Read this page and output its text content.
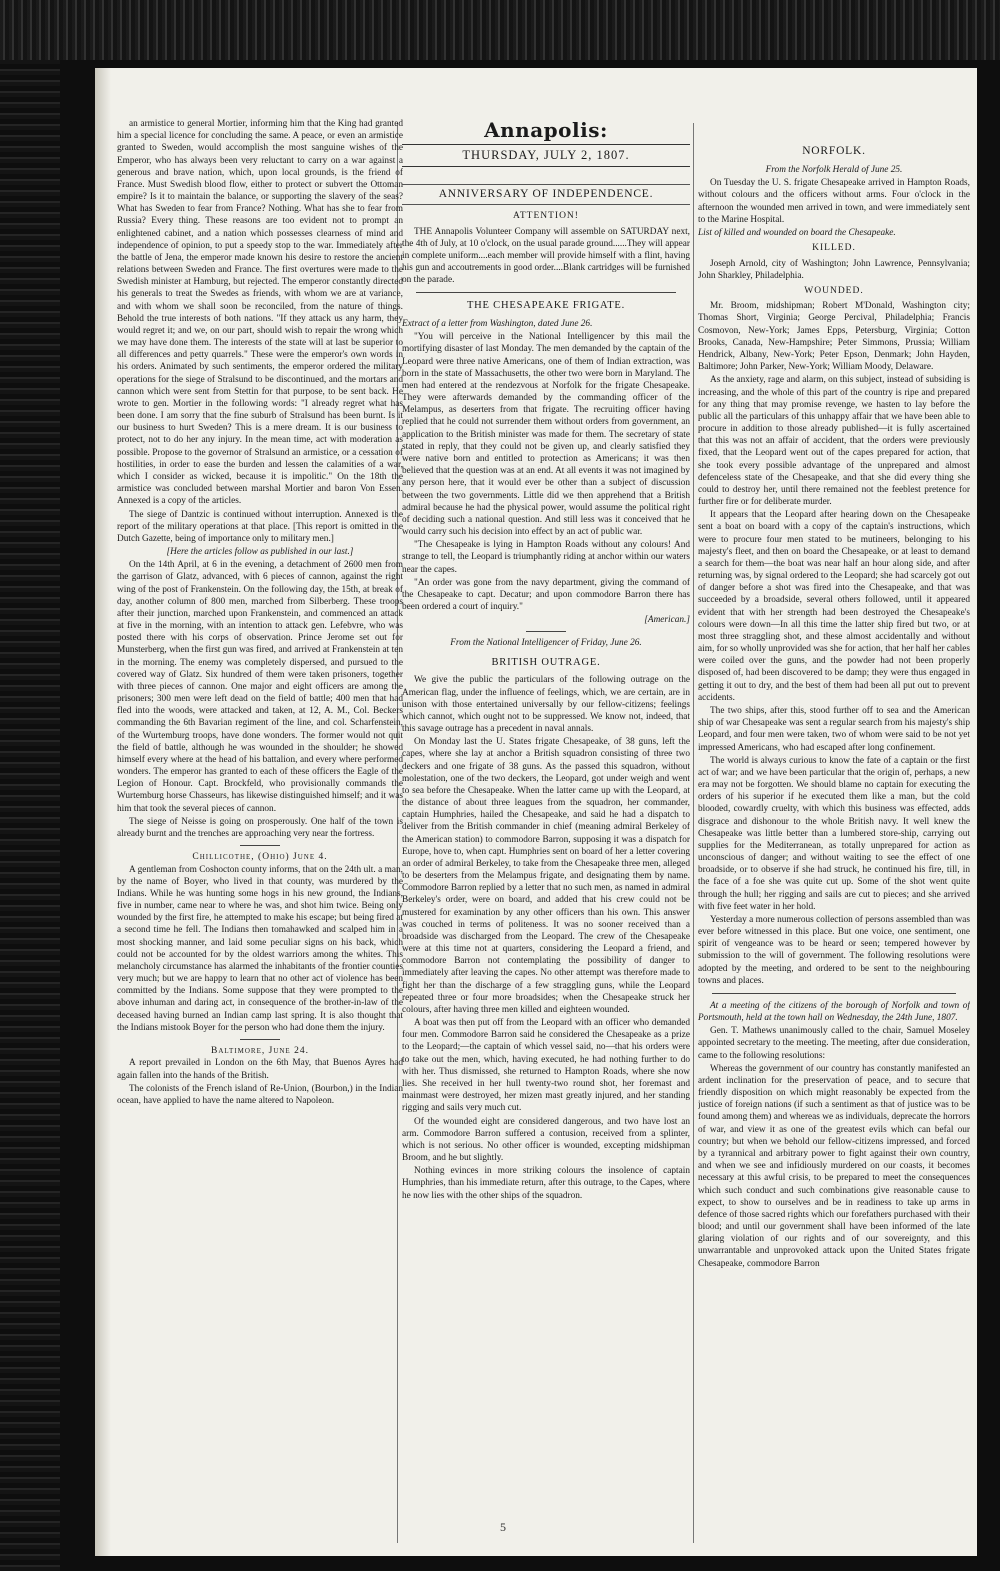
an armistice to general Mortier, informing him that the King had granted him a special licence for concluding the same. A peace, or even an armistice granted to Sweden, would accomplish the most sanguine wishes of the Emperor, who has always been very reluctant to carry on a war against a generous and brave nation, which, upon local grounds, is the friend of France. Must Swedish blood flow, either to protect or subvert the Ottoman empire? Is it to maintain the balance, or supporting the slavery of the seas? What has Sweden to fear from France? Nothing. What has she to fear from Russia? Every thing. These reasons are too evident not to prompt an enlightened cabinet, and a nation which possesses clearness of mind and independence of opinion, to put a speedy stop to the war. Immediately after the battle of Jena, the emperor made known his desire to restore the ancient relations between Sweden and France. The first overtures were made to the Swedish minister at Hamburg, but rejected. The emperor constantly directed his generals to treat the Swedes as friends, with whom we are at variance, and with whom we shall soon be reconciled, from the nature of things. Behold the true interests of both nations. "If they attack us any harm, they would regret it; and we, on our part, should wish to repair the wrong which we may have done them. The interests of the state will at last be superior to all differences and petty quarrels." These were the emperor's own words in his orders. Animated by such sentiments, the emperor ordered the military operations for the siege of Stralsund to be discontinued, and the mortars and cannon which were sent from Stettin for that purpose, to be sent back. He wrote to gen. Mortier in the following words: "I already regret what has been done. I am sorry that the fine suburb of Stralsund has been burnt. Is it our business to hurt Sweden? This is a mere dream. It is our business to protect, not to do her any injury. In the mean time, act with moderation as possible. Propose to the governor of Stralsund an armistice, or a cessation of hostilities, in order to ease the burden and lessen the calamities of a war, which I consider as wicked, because it is impolitic." On the 18th the armistice was concluded between marshal Mortier and baron Von Essen. Annexed is a copy of the articles.

The siege of Dantzic is continued without interruption. Annexed is the report of the military operations at that place. [This report is omitted in the Dutch Gazette, being of importance only to military men.]

[Here the articles follow as published in our last.]

On the 14th April, at 6 in the evening, a detachment of 2600 men from the garrison of Glatz, advanced, with 6 pieces of cannon, against the right wing of the post of Frankenstein. On the following day, the 15th, at break of day, another column of 800 men, marched from Silberberg. These troops after their junction, marched upon Frankenstein, and commenced an attack at five in the morning, with an intention to attack gen. Lefebvre, who was posted there with his corps of observation. Prince Jerome set out for Munsterberg, when the first gun was fired, and arrived at Frankenstein at ten in the morning. The enemy was completely dispersed, and pursued to the covered way of Glatz. Six hundred of them were taken prisoners, together with three pieces of cannon. One major and eight officers are among the prisoners; 300 men were left dead on the field of battle; 400 men that had fled into the woods, were attacked and taken, at 12, A. M., Col. Beckers commanding the 6th Bavarian regiment of the line, and col. Scharfenstein, of the Wurtemburg troops, have done wonders. The former would not quit the field of battle, although he was wounded in the shoulder; he showed himself every where at the head of his battalion, and every where performed wonders. The emperor has granted to each of these officers the Eagle of the Legion of Honour. Capt. Brockfeld, who provisionally commands the Wurtemburg horse Chasseurs, has likewise distinguished himself; and it was him that took the several pieces of cannon.

The siege of Neisse is going on prosperously. One half of the town is already burnt and the trenches are approaching very near the fortress.

Chillicothe, (Ohio) June 4.

A gentleman from Coshocton county informs, that on the 24th ult. a man, by the name of Boyer, who lived in that county, was murdered by the Indians. While he was hunting some hogs in his new ground, the Indians, five in number, came near to where he was, and shot him twice. Being only wounded by the first fire, he attempted to make his escape; but being fired at a second time he fell. The Indians then tomahawked and scalped him in a most shocking manner, and laid some peculiar signs on his back, which could not be accounted for by the oldest warriors among the whites. This melancholy circumstance has alarmed the inhabitants of the frontier counties very much; but we are happy to learn that no other act of violence has been committed by the Indians. Some suppose that they were prompted to the above inhuman and daring act, in consequence of the brother-in-law of the deceased having burned an Indian camp last spring. It is also thought that the Indians mistook Boyer for the person who had done them the injury.

Baltimore, June 24.

A report prevailed in London on the 6th May, that Buenos Ayres had again fallen into the hands of the British.

The colonists of the French island of Re-Union, (Bourbon,) in the Indian ocean, have applied to have the name altered to Napoleon.

Annapolis:
THURSDAY, JULY 2, 1807.
ANNIVERSARY OF INDEPENDENCE.
ATTENTION!

THE Annapolis Volunteer Company will assemble on SATURDAY next, the 4th of July, at 10 o'clock, on the usual parade ground......They will appear in complete uniform....each member will provide himself with a flint, having his gun and accoutrements in good order....Blank cartridges will be furnished on the parade.

THE CHESAPEAKE FRIGATE.

Extract of a letter from Washington, dated June 26.

"You will perceive in the National Intelligencer by this mail the mortifying disaster of last Monday. The men demanded by the captain of the Leopard were three native Americans, one of them of Indian extraction, was born in the state of Massachusetts, the other two were born in Maryland. The men had entered at the rendezvous at Norfolk for the frigate Chesapeake. They were afterwards demanded by the commanding officer of the Melampus, as deserters from that frigate. The recruiting officer having replied that he could not surrender them without orders from government, an application to the British minister was made for them. The secretary of state stated in reply, that they could not be given up, and clearly satisfied they were native born and entitled to protection as Americans; it was then believed that the question was at an end. At all events it was not imagined by any person here, that it would ever be other than a subject of discussion between the two governments. Little did we then apprehend that a British admiral because he had the physical power, would assume the political right of deciding such a national question. And still less was it conceived that he would carry such his decision into effect by an act of public war.

"The Chesapeake is lying in Hampton Roads without any colours! And strange to tell, the Leopard is triumphantly riding at anchor within our waters near the capes.

"An order was gone from the navy department, giving the command of the Chesapeake to capt. Decatur; and upon commodore Barron there has been ordered a court of inquiry."

[American.]

From the National Intelligencer of Friday, June 26.

BRITISH OUTRAGE.

We give the public the particulars of the following outrage on the American flag, under the influence of feelings, which, we are certain, are in unison with those entertained universally by our fellow-citizens; feelings which cannot, which ought not to be suppressed. We know not, indeed, that this savage outrage has a precedent in naval annals.

On Monday last the U. States frigate Chesapeake, of 38 guns, left the capes, where she lay at anchor a British squadron consisting of three two deckers and one frigate of 38 guns. As the passed this squadron, without molestation, one of the two deckers, the Leopard, got under weigh and went to sea before the Chesapeake. When the latter came up with the Leopard, at the distance of about three leagues from the squadron, her commander, captain Humphries, hailed the Chesapeake, and said he had a dispatch to deliver from the British commander in chief (meaning admiral Berkeley of the American station) to commodore Barron, supposing it was a dispatch for Europe, hove to, when capt. Humphries sent on board of her a letter covering an order of admiral Berkeley, to take from the Chesapeake three men, alleged to be deserters from the Melampus frigate, and designating them by name. Commodore Barron replied by a letter that no such men, as named in admiral Berkeley's order, were on board, and added that his crew could not be mustered for examination by any other officers than his own. This answer was couched in terms of politeness. It was no sooner received than a broadside was discharged from the Leopard. The crew of the Chesapeake were at this time not at quarters, considering the Leopard a friend, and commodore Barron not contemplating the possibility of danger to immediately after leaving the capes. No other attempt was therefore made to fight her than the discharge of a few straggling guns, while the Leopard repeated three or four more broadsides; when the Chesapeake struck her colours, after having three men killed and eighteen wounded.

A boat was then put off from the Leopard with an officer who demanded four men. Commodore Barron said he considered the Chesapeake as a prize to the Leopard;—the captain of which vessel said, no—that his orders were to take out the men, which, having executed, he had nothing further to do with her. Thus dismissed, she returned to Hampton Roads, where she now lies. She received in her hull twenty-two round shot, her foremast and mainmast were destroyed, her mizen mast greatly injured, and her standing rigging and sails very much cut.

Of the wounded eight are considered dangerous, and two have lost an arm. Commodore Barron suffered a contusion, received from a splinter, which is not serious. No other officer is wounded, excepting midshipman Broom, and he but slightly.

Nothing evinces in more striking colours the insolence of captain Humphries, than his immediate return, after this outrage, to the Capes, where he now lies with the other ships of the squadron.

NORFOLK.

From the Norfolk Herald of June 25.

On Tuesday the U. S. frigate Chesapeake arrived in Hampton Roads, without colours and the officers without arms. Four o'clock in the afternoon the wounded men arrived in town, and were immediately sent to the Marine Hospital.

List of killed and wounded on board the Chesapeake.

KILLED.

Joseph Arnold, city of Washington; John Lawrence, Pennsylvania; John Sharkley, Philadelphia.

WOUNDED.

Mr. Broom, midshipman; Robert M'Donald, Washington city; Thomas Short, Virginia; George Percival, Philadelphia; Francis Cosmovon, New-York; James Epps, Petersburg, Virginia; Cotton Brooks, Canada, New-Hampshire; Peter Simmons, Prussia; William Hendrick, Albany, New-York; Peter Epson, Denmark; John Hayden, Baltimore; John Parker, New-York; William Moody, Delaware.

As the anxiety, rage and alarm, on this subject, instead of subsiding is increasing, and the whole of this part of the country is ripe and prepared for any thing that may promise revenge, we hasten to lay before the public all the particulars of this unhappy affair that we have been able to procure in addition to those already published—it is fully ascertained that this was not an affair of accident, that the orders were previously fixed, that the Leopard went out of the capes prepared for action, that she took every possible advantage of the unprepared and almost defenceless state of the Chesapeake, and that she did every thing she could to destroy her, until there remained not the feeblest pretence for further fire or for deliberate murder.

It appears that the Leopard after hearing down on the Chesapeake sent a boat on board with a copy of the captain's instructions, which were to procure four men stated to be mutineers, belonging to his majesty's fleet, and then on board the Chesapeake, or at least to demand a search for them—the boat was near half an hour along side, and after returning was, by signal ordered to the Leopard; she had scarcely got out of danger before a shot was fired into the Chesapeake, and that was succeeded by a broadside, several others followed, until it appeared evident that with her strength had been destroyed the Chesapeake's colours were down—In all this time the latter ship fired but two, or at most three straggling shot, and these almost accidentally and without aim, for so wholly unprovided was she for action, that her half her cables were coiled over the guns, and the powder had not been properly disposed of, had been discovered to be damp; they were thus engaged in getting it out to dry, and the best of them had been all put out to prevent accidents.

The two ships, after this, stood further off to sea and the American ship of war Chesapeake was sent a regular search from his majesty's ship Leopard, and four men were taken, two of whom were said to be not yet impressed Americans, who had escaped after long confinement.

The world is always curious to know the fate of a captain or the first act of war; and we have been particular that the origin of, perhaps, a new era may not be forgotten. We should blame no captain for executing the orders of his superior if he executed them like a man, but the cold blooded, cowardly cruelty, with which this business was effected, adds disgrace and dishonour to the whole British navy. It well knew the Chesapeake was little better than a lumbered store-ship, carrying out supplies for the Mediterranean, as totally unprepared for action as unconscious of danger; and without waiting to see the effect of one broadside, or to observe if she had struck, he continued his fire, till, in the face of a foe she was quite cut up. Some of the shot went quite through the hull; her rigging and sails are cut to pieces; and she arrived with five feet water in her hold.

Yesterday a more numerous collection of persons assembled than was ever before witnessed in this place. But one voice, one sentiment, one spirit of vengeance was to be heard or seen; tempered however by submission to the will of government. The following resolutions were adopted by the meeting, and ordered to be sent to the neighbouring towns and places.

At a meeting of the citizens of the borough of Norfolk and town of Portsmouth, held at the town hall on Wednesday, the 24th June, 1807.

Gen. T. Mathews unanimously called to the chair, Samuel Moseley appointed secretary to the meeting. The meeting, after due consideration, came to the following resolutions:

Whereas the government of our country has constantly manifested an ardent inclination for the preservation of peace, and to secure that friendly disposition on which might reasonably be expected from the justice of foreign nations (if such a sentiment as that of justice was to be found among them) and whereas we as individuals, deprecate the horrors of war, and view it as one of the greatest evils which can befal our country; but when we behold our fellow-citizens impressed, and forced by a tyrannical and arbitrary power to fight against their own country, and when we see and infidiously murdered on our coasts, it becomes necessary at this awful crisis, to be prepared to meet the consequences which such conduct and such combinations give reasonable cause to expect, to show to ourselves and be in readiness to take up arms in defence of those sacred rights which our forefathers purchased with their blood; and until our government shall have been informed of the late glaring violation of our rights and of our sovereignty, and this unwarrantable and unprovoked attack upon the United States frigate Chesapeake, commodore Barron

5
